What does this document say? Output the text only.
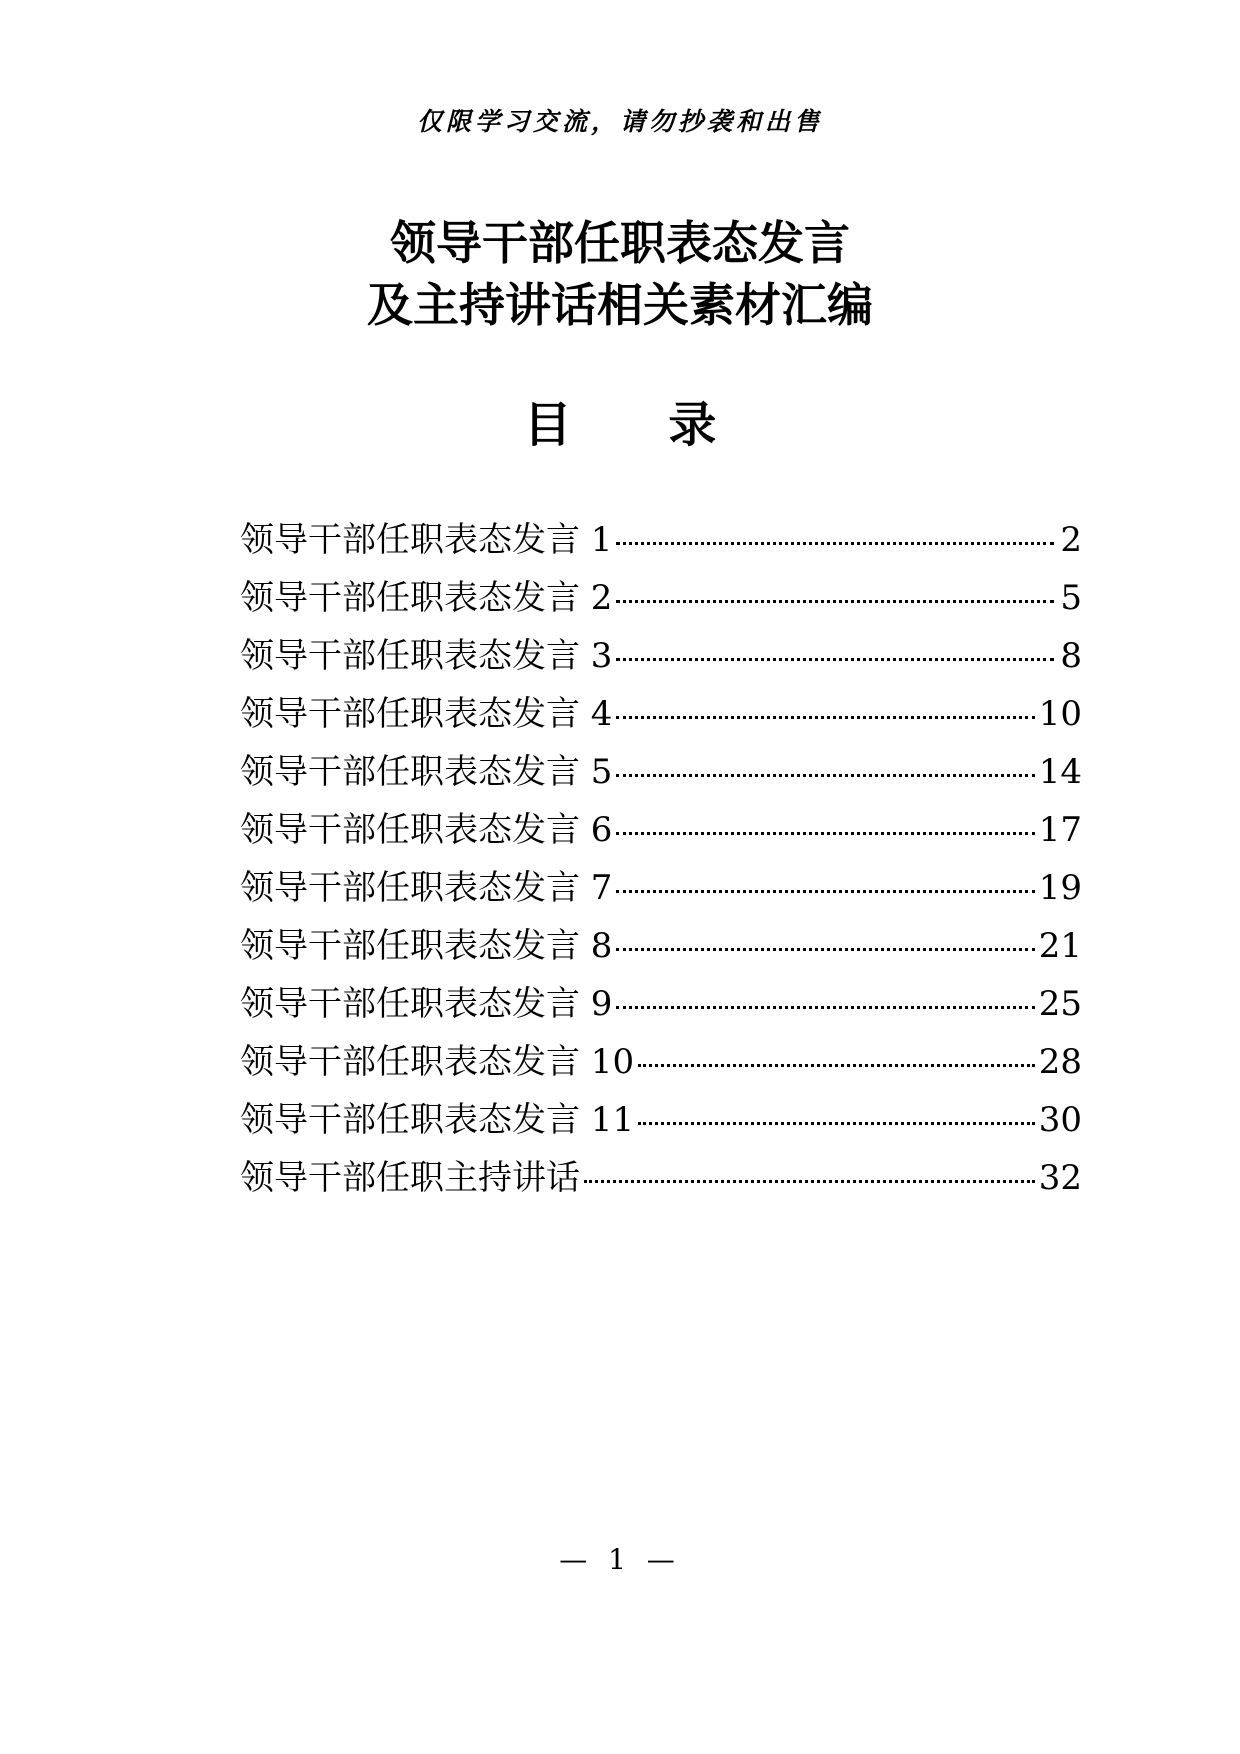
仅限学习交流，请勿抄袭和出售
领导干部任职表态发言
及主持讲话相关素材汇编
目 录
领导干部任职表态发言 1	2
领导干部任职表态发言 2	5
领导干部任职表态发言 3	8
领导干部任职表态发言 4	10
领导干部任职表态发言 5	14
领导干部任职表态发言 6	17
领导干部任职表态发言 7	19
领导干部任职表态发言 8	21
领导干部任职表态发言 9	25
领导干部任职表态发言 10	28
领导干部任职表态发言 11	30
领导干部任职主持讲话	32
— 1 —
